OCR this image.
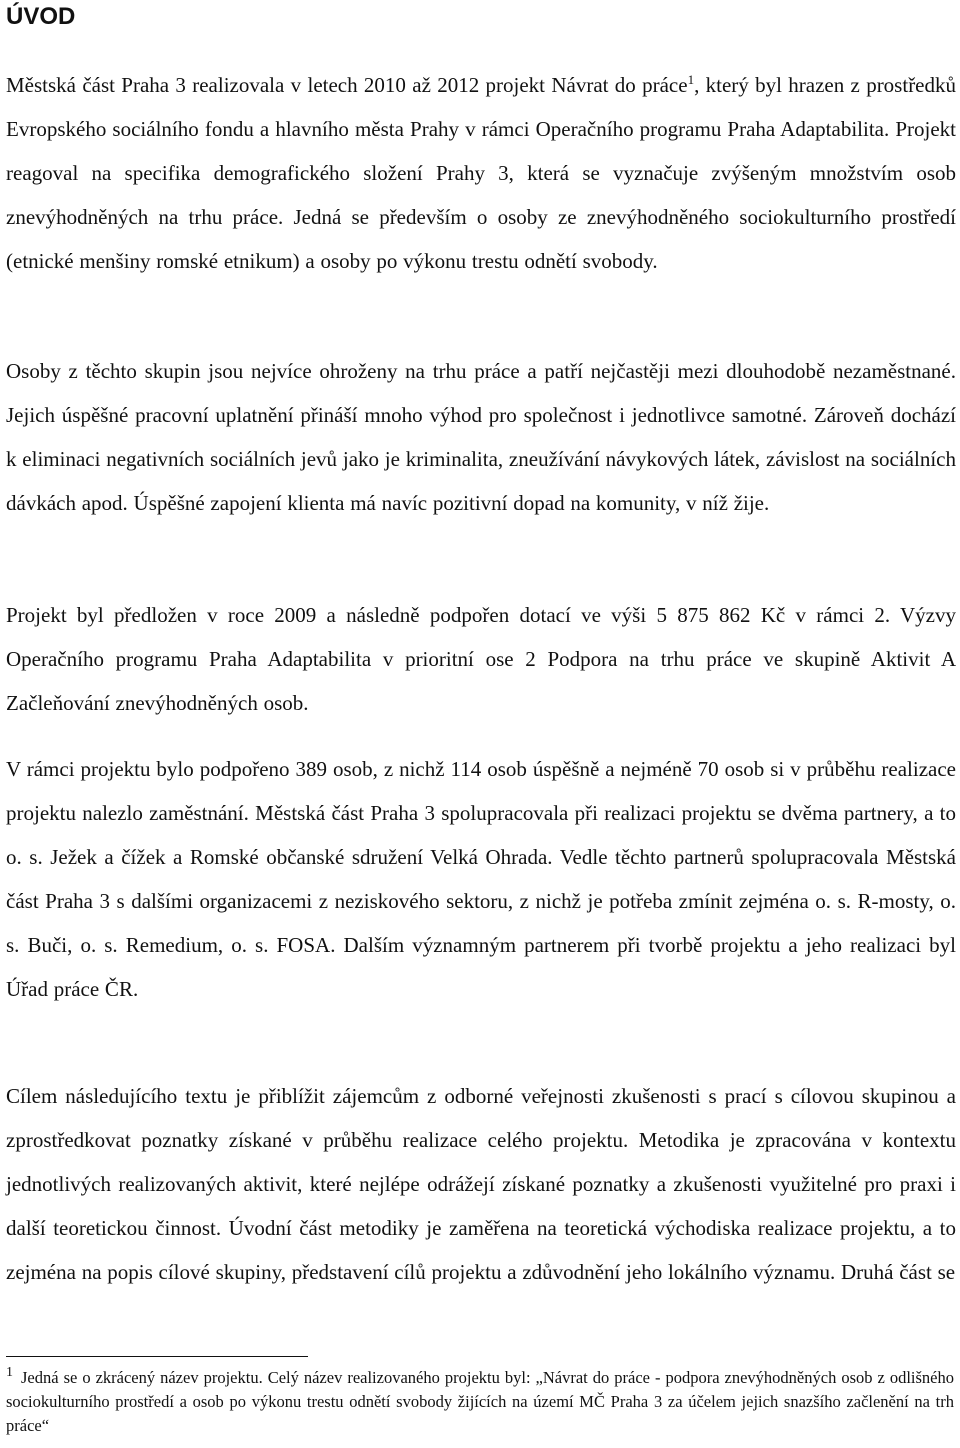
ÚVOD

Městská část Praha 3 realizovala v letech 2010 až 2012 projekt Návrat do práce$^1$, který byl hrazen z prostředků Evropského sociálního fondu a hlavního města Prahy v rámci Operačního programu Praha Adaptabilita. Projekt reagoval na specifika demografického složení Prahy 3, která se vyznačuje zvýšeným množstvím osob znevýhodněných na trhu práce. Jedná se především o osoby ze znevýhodněného sociokulturního prostředí (etnické menšiny romské etnikum) a osoby po výkonu trestu odnětí svobody.

Osoby z těchto skupin jsou nejvíce ohroženy na trhu práce a patří nejčastěji mezi dlouhodobě nezaměstnané. Jejich úspěšné pracovní uplatnění přináší mnoho výhod pro společnost i jednotlivce samotné. Zároveň dochází k eliminaci negativních sociálních jevů jako je kriminalita, zneužívání návykových látek, závislost na sociálních dávkách apod. Úspěšné zapojení klienta má navíc pozitivní dopad na komunity, v níž žije.

Projekt byl předložen v roce 2009 a následně podpořen dotací ve výši 5 875 862 Kč v rámci 2. Výzvy Operačního programu Praha Adaptabilita v prioritní ose 2 Podpora na trhu práce ve skupině Aktivit A Začleňování znevýhodněných osob.

V rámci projektu bylo podpořeno 389 osob, z nichž 114 osob úspěšně a nejméně 70 osob si v průběhu realizace projektu nalezlo zaměstnání. Městská část Praha 3 spolupracovala při realizaci projektu se dvěma partnery, a to o. s. Ježek a čížek a Romské občanské sdružení Velká Ohrada. Vedle těchto partnerů spolupracovala Městská část Praha 3 s dalšími organizacemi z neziskového sektoru, z nichž je potřeba zmínit zejména o. s. R-mosty, o. s. Buči, o. s. Remedium, o. s. FOSA. Dalším významným partnerem při tvorbě projektu a jeho realizaci byl Úřad práce ČR.

Cílem následujícího textu je přiblížit zájemcům z odborné veřejnosti zkušenosti s prací s cílovou skupinou a zprostředkovat poznatky získané v průběhu realizace celého projektu. Metodika je zpracována v kontextu jednotlivých realizovaných aktivit, které nejlépe odrážejí získané poznatky a zkušenosti využitelné pro praxi i další teoretickou činnost. Úvodní část metodiky je zaměřena na teoretická východiska realizace projektu, a to zejména na popis cílové skupiny, představení cílů projektu a zdůvodnění jeho lokálního významu. Druhá část se

$^1$ Jedná se o zkrácený název projektu. Celý název realizovaného projektu byl: „Návrat do práce - podpora znevýhodněných osob z odlišného sociokulturního prostředí a osob po výkonu trestu odnětí svobody žijících na území MČ Praha 3 za účelem jejich snazšího začlenění na trh práce“
